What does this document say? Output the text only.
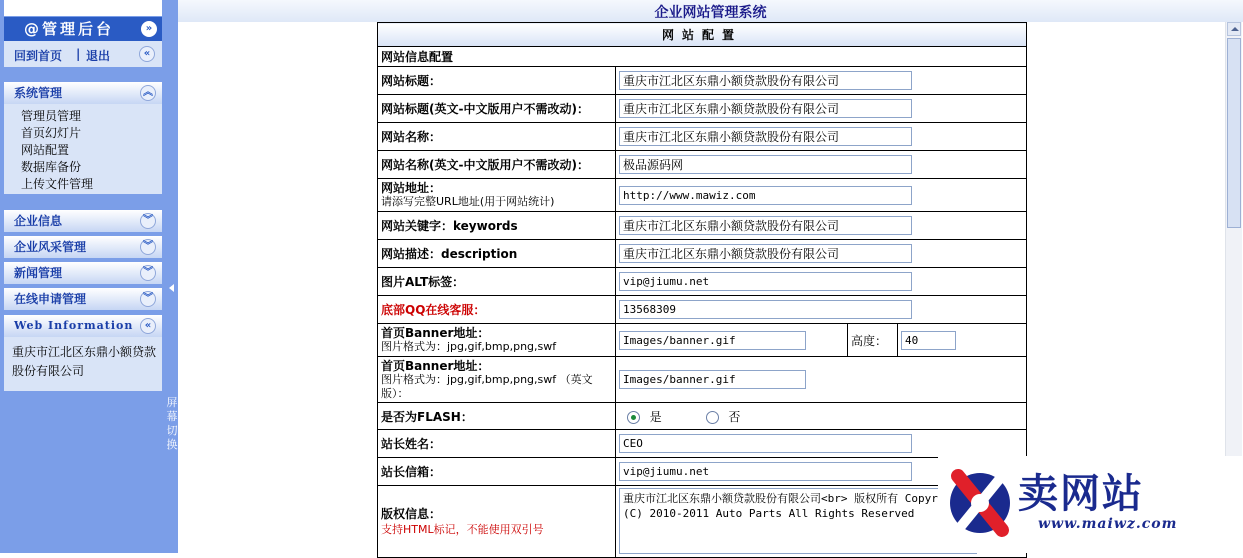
@管理后台	»
回到首页 | 退出	«
系统管理	︽
管理员管理
首页幻灯片
网站配置
数据库备份
上传文件管理
企业信息	︾
企业风采管理	︾
新闻管理	︾
在线申请管理	︾
Web Information	«
重庆市江北区东鼎小额贷款股份有限公司
屏幕切换
企业网站管理系统
网站配置			
网站信息配置			
网站标题：	重庆市江北区东鼎小额贷款股份有限公司
网站标题(英文-中文版用户不需改动)：	重庆市江北区东鼎小额贷款股份有限公司
网站名称：	重庆市江北区东鼎小额贷款股份有限公司
网站名称(英文-中文版用户不需改动)：	极品源码网

网站地址：
请添写完整URL地址(用于网站统计)
	http://www.mawiz.com
网站关键字：keywords	重庆市江北区东鼎小额贷款股份有限公司
网站描述：description	重庆市江北区东鼎小额贷款股份有限公司
图片ALT标签：	vip@jiumu.net
底部QQ在线客服：	13568309

首页Banner地址：
图片格式为：jpg,gif,bmp,png,swf
	Images/banner.gif	高度：	40

首页Banner地址：
图片格式为：jpg,gif,bmp,png,swf （英文版）：
	Images/banner.gif
是否为FLASH：	是 否		
站长姓名：	CEO
站长信箱：	vip@jiumu.net

版权信息：
支持HTML标记，不能使用双引号
	重庆市江北区东鼎小额贷款股份有限公司<br> 版权所有 Copyright (C) 2010-2011 Auto Parts All Rights Reserved
卖网站
www.maiwz.com
